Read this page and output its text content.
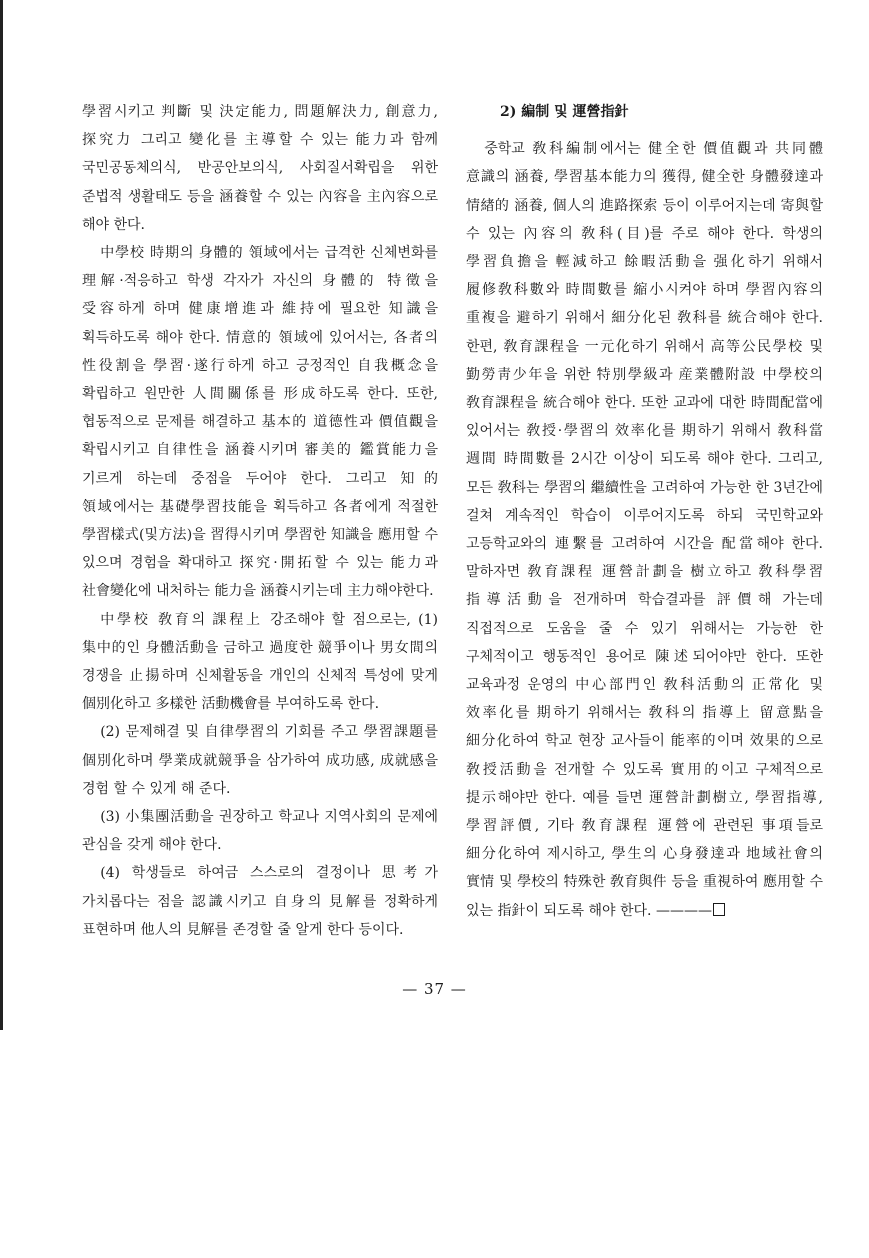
學習시키고 判斷 및 決定能力, 問題解決力, 創意力, 探究力 그리고 變化를 主導할 수 있는 能力과 함께 국민공동체의식, 반공안보의식, 사회질서확립을 위한 준법적 생활태도 등을 涵養할 수 있는 內容을 主內容으로 해야 한다.

中學校 時期의 身體的 領域에서는 급격한 신체변화를 理解·적응하고 학생 각자가 자신의 身體的 特徵을 受容하게 하며 健康增進과 維持에 필요한 知識을 획득하도록 해야 한다. 情意的 領域에 있어서는, 各者의 性役割을 學習·遂行하게 하고 긍정적인 自我概念을 확립하고 원만한 人間關係를 形成하도록 한다. 또한, 협동적으로 문제를 해결하고 基本的 道德性과 價值觀을 확립시키고 自律性을 涵養시키며 審美的 鑑賞能力을 기르게 하는데 중점을 두어야 한다. 그리고 知的 領域에서는 基礎學習技能을 획득하고 各者에게 적절한 學習樣式(및方法)을 習得시키며 學習한 知識을 應用할 수 있으며 경험을 확대하고 探究·開拓할 수 있는 能力과 社會變化에 내처하는 能力을 涵養시키는데 主力해야한다.

中學校 敎育의 課程上 강조해야 할 점으로는, (1) 集中的인 身體活動을 금하고 過度한 競爭이나 男女間의 경쟁을 止揚하며 신체활동을 개인의 신체적 특성에 맞게 個別化하고 多樣한 活動機會를 부여하도록 한다.

(2) 문제해결 및 自律學習의 기회를 주고 學習課題를 個別化하며 學業成就競爭을 삼가하여 成功感, 成就感을 경험 할 수 있게 해 준다.

(3) 小集團活動을 권장하고 학교나 지역사회의 문제에 관심을 갖게 해야 한다.

(4) 학생들로 하여금 스스로의 결정이나 思考가 가치롭다는 점을 認識시키고 自身의 見解를 정확하게 표현하며 他人의 見解를 존경할 줄 알게 한다 등이다.

2) 編制 및 運營指針

중학교 敎科編制에서는 健全한 價值觀과 共同體 意識의 涵養, 學習基本能力의 獲得, 健全한 身體發達과 情緖的 涵養, 個人의 進路探索 등이 이루어지는데 寄與할 수 있는 內容의 敎科(目)를 주로 해야 한다. 학생의 學習負擔을 輕減하고 餘暇活動을 强化하기 위해서 履修敎科數와 時間數를 縮小시켜야 하며 學習內容의 重複을 避하기 위해서 細分化된 敎科를 統合해야 한다. 한편, 敎育課程을 一元化하기 위해서 高等公民學校 및 勤勞靑少年을 위한 特別學級과 産業體附設 中學校의 敎育課程을 統合해야 한다. 또한 교과에 대한 時間配當에 있어서는 敎授·學習의 效率化를 期하기 위해서 敎科當 週間 時間數를 2시간 이상이 되도록 해야 한다. 그리고, 모든 敎科는 學習의 繼續性을 고려하여 가능한 한 3년간에 걸쳐 계속적인 학습이 이루어지도록 하되 국민학교와 고등학교와의 連繫를 고려하여 시간을 配當해야 한다. 말하자면 敎育課程 運營計劃을 樹立하고 敎科學習 指導活動을 전개하며 학습결과를 評價해 가는데 직접적으로 도움을 줄 수 있기 위해서는 가능한 한 구체적이고 행동적인 용어로 陳述되어야만 한다. 또한 교육과정 운영의 中心部門인 敎科活動의 正常化 및 效率化를 期하기 위해서는 敎科의 指導上 留意點을 細分化하여 학교 현장 교사들이 能率的이며 效果的으로 敎授活動을 전개할 수 있도록 實用的이고 구체적으로 提示해야만 한다. 예를 들면 運營計劃樹立, 學習指導, 學習評價, 기타 敎育課程 運營에 관련된 事項들로 細分化하여 제시하고, 學生의 心身發達과 地域社會의 實情 및 學校의 特殊한 敎育與件 등을 重視하여 應用할 수 있는 指針이 되도록 해야 한다. ————

— 37 —
